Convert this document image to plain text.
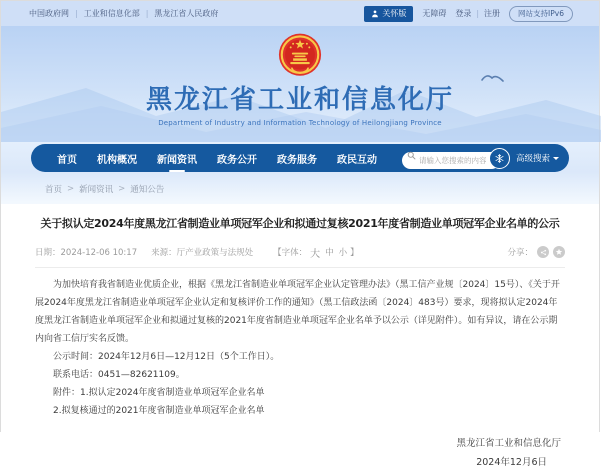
中国政府网 |	工业和信息化部 |	黑龙江省人民政府	关怀版 无障碍 登录 | 注册	网站支持IPv6
黑龙江省工业和信息化厅
Department of Industry and Information Technology of Heilongjiang Province
首页 机构概况 新闻资讯 政务公开 政务服务 政民互动
请输入您搜索的内容	高级搜索
首页 > 新闻资讯 > 通知公告
关于拟认定2024年度黑龙江省制造业单项冠军企业和拟通过复核2021年度省制造业单项冠军企业名单的公示
日期：2024-12-06 10:17 来源：厅产业政策与法规处 【字体： 大 中 小 】	分享：

为加快培育我省制造业优质企业，根据《黑龙江省制造业单项冠军企业认定管理办法》（黑工信产业规〔2024〕15号）、《关于开展2024年度黑龙江省制造业单项冠军企业认定和复核评价工作的通知》（黑工信政法函〔2024〕483号）要求，现将拟认定2024年度黑龙江省制造业单项冠军企业和拟通过复核的2021年度省制造业单项冠军企业名单予以公示（详见附件）。如有异议，请在公示期内向省工信厅实名反馈。

公示时间：2024年12月6日—12月12日（5个工作日）。

联系电话：0451—82621109。

附件：1.拟认定2024年度省制造业单项冠军企业名单

2.拟复核通过的2021年度省制造业单项冠军企业名单

黑龙江省工业和信息化厅
2024年12月6日
